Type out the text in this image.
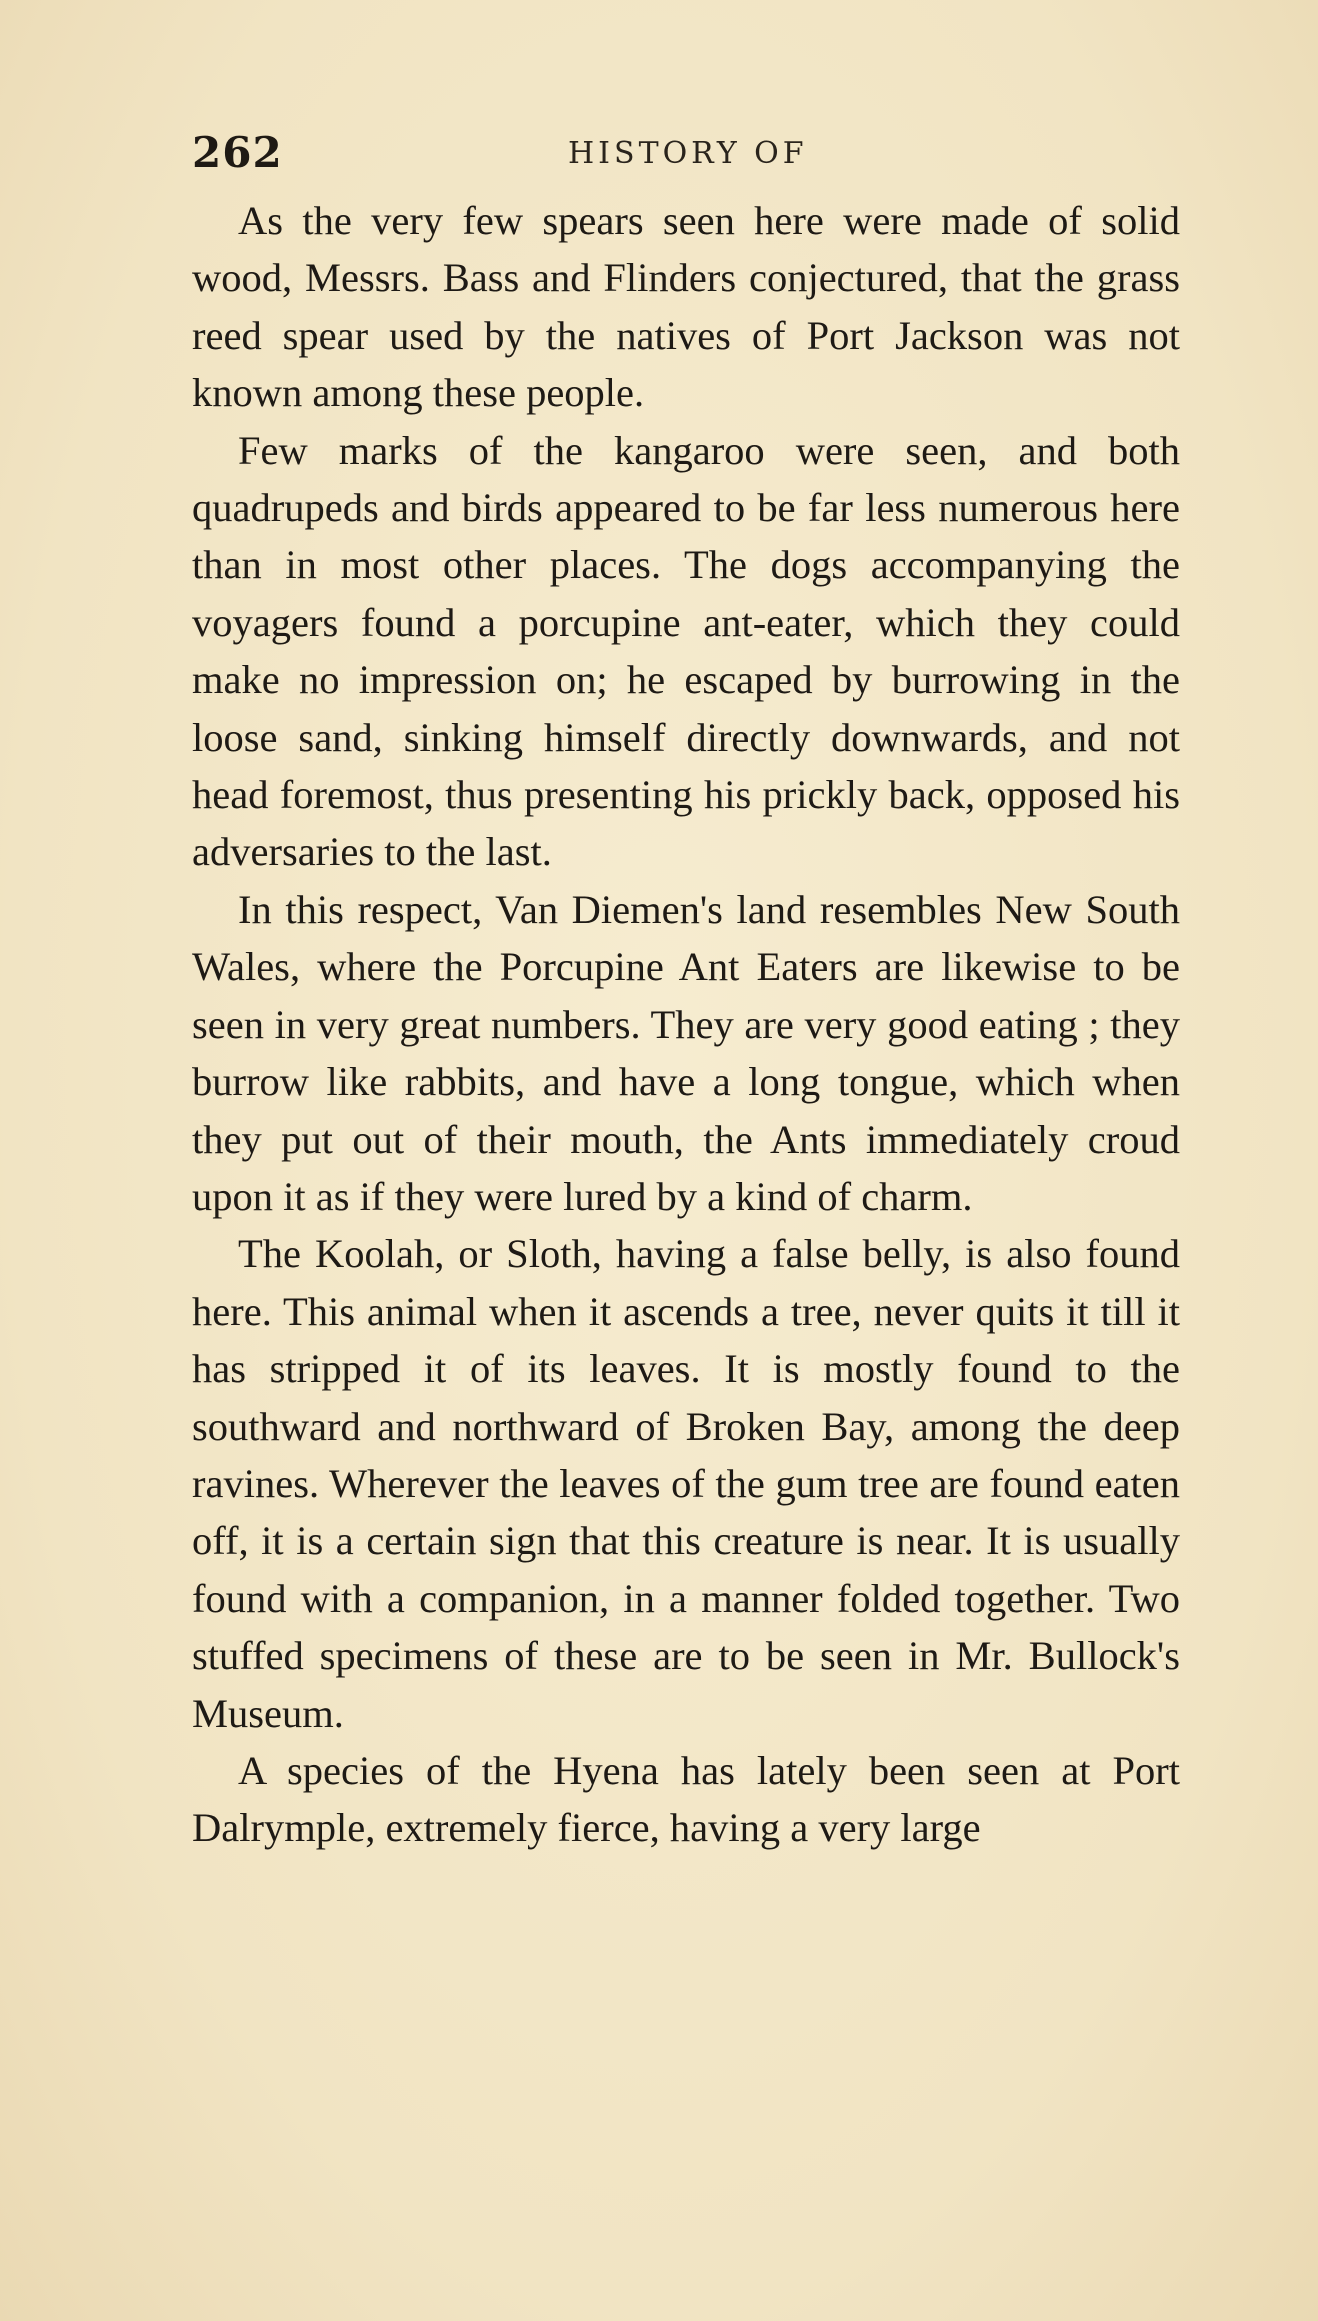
262	HISTORY OF

As the very few spears seen here were made of solid wood, Messrs. Bass and Flinders conjectured, that the grass reed spear used by the natives of Port Jackson was not known among these people.

Few marks of the kangaroo were seen, and both quadrupeds and birds appeared to be far less numerous here than in most other places. The dogs accompanying the voyagers found a porcupine ant-eater, which they could make no impression on; he escaped by burrowing in the loose sand, sinking himself directly downwards, and not head foremost, thus presenting his prickly back, opposed his adversaries to the last.

In this respect, Van Diemen's land resembles New South Wales, where the Porcupine Ant Eaters are likewise to be seen in very great numbers. They are very good eating ; they burrow like rabbits, and have a long tongue, which when they put out of their mouth, the Ants immediately croud upon it as if they were lured by a kind of charm.

The Koolah, or Sloth, having a false belly, is also found here. This animal when it ascends a tree, never quits it till it has stripped it of its leaves. It is mostly found to the southward and northward of Broken Bay, among the deep ravines. Wherever the leaves of the gum tree are found eaten off, it is a certain sign that this creature is near. It is usually found with a companion, in a manner folded together. Two stuffed specimens of these are to be seen in Mr. Bullock's Museum.

A species of the Hyena has lately been seen at Port Dalrymple, extremely fierce, having a very large
